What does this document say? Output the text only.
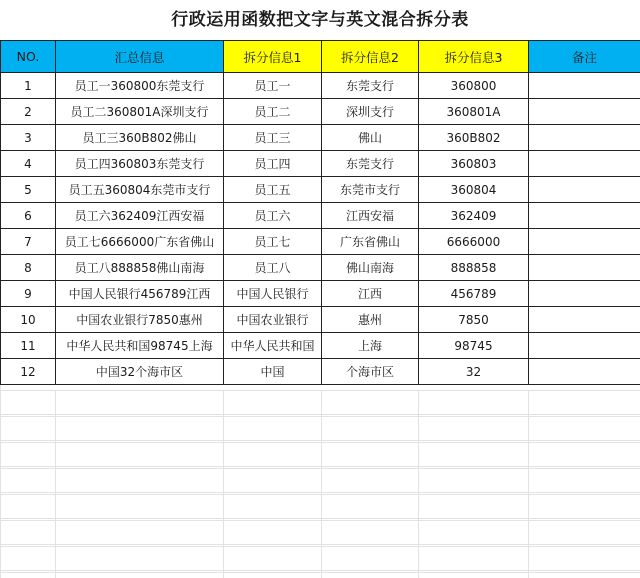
行政运用函数把文字与英文混合拆分表
NO.	汇总信息	拆分信息1	拆分信息2	拆分信息3	备注
1	员工一360800东莞支行	员工一	东莞支行	360800	
2	员工二360801A深圳支行	员工二	深圳支行	360801A	
3	员工三360B802佛山	员工三	佛山	360B802	
4	员工四360803东莞支行	员工四	东莞支行	360803	
5	员工五360804东莞市支行	员工五	东莞市支行	360804	
6	员工六362409江西安福	员工六	江西安福	362409	
7	员工七6666000广东省佛山	员工七	广东省佛山	6666000	
8	员工八888858佛山南海	员工八	佛山南海	888858	
9	中国人民银行456789江西	中国人民银行	江西	456789	
10	中国农业银行7850惠州	中国农业银行	惠州	7850	
11	中华人民共和国98745上海	中华人民共和国	上海	98745	
12	中国32个海市区	中国	个海市区	32	
